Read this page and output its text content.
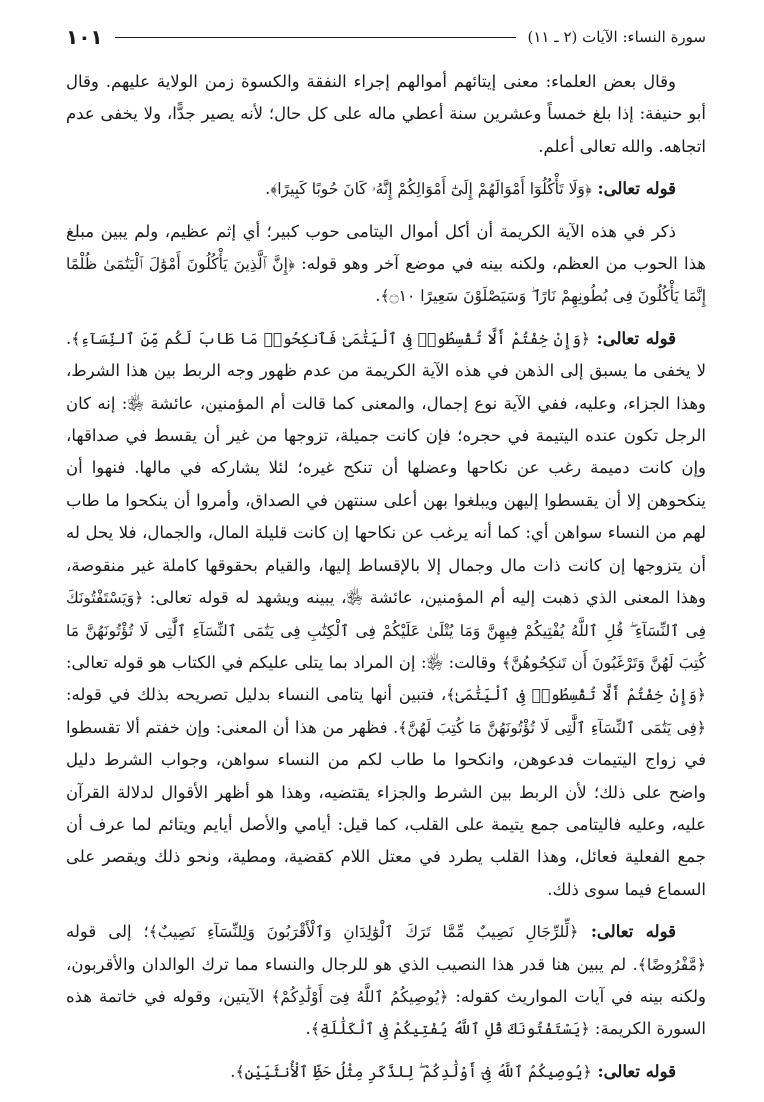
سورة النساء: الآيات (٢ ـ ١١)
١٠١

وقال بعض العلماء: معنى إيتائهم أموالهم إجراء النفقة والكسوة زمن الولاية عليهم. وقال أبو حنيفة: إذا بلغ خمساً وعشرين سنة أعطي ماله على كل حال؛ لأنه يصير جدًّا، ولا يخفى عدم اتجاهه. والله تعالى أعلم.

قوله تعالى: ﴿وَلَا تَأْكُلُوٓا أَمْوَالَهُمْ إِلَىٰٓ أَمْوَالِكُمْ إِنَّهُۥ كَانَ حُوبًا كَبِيرًا﴾.

ذكر في هذه الآية الكريمة أن أكل أموال اليتامى حوب كبير؛ أي إثم عظيم، ولم يبين مبلغ هذا الحوب من العظم، ولكنه بينه في موضع آخر وهو قوله: ﴿إِنَّ ٱلَّذِينَ يَأْكُلُونَ أَمْوَٰلَ ٱلْيَتَٰمَىٰ ظُلْمًا إِنَّمَا يَأْكُلُونَ فِى بُطُونِهِمْ نَارًا ۖ وَسَيَصْلَوْنَ سَعِيرًا ۝١٠﴾.

قوله تعالى: ﴿وَإِنْ خِفْتُمْ أَلَّا تُقْسِطُوا۟ فِى ٱلْيَتَٰمَىٰ فَٱنكِحُوا۟ مَا طَابَ لَكُم مِّنَ ٱلنِّسَآءِ﴾. لا يخفى ما يسبق إلى الذهن في هذه الآية الكريمة من عدم ظهور وجه الربط بين هذا الشرط، وهذا الجزاء، وعليه، ففي الآية نوع إجمال، والمعنى كما قالت أم المؤمنين، عائشة ﵂: إنه كان الرجل تكون عنده اليتيمة في حجره؛ فإن كانت جميلة، تزوجها من غير أن يقسط في صداقها، وإن كانت دميمة رغب عن نكاحها وعضلها أن تنكح غيره؛ لئلا يشاركه في مالها. فنهوا أن ينكحوهن إلا أن يقسطوا إليهن ويبلغوا بهن أعلى سنتهن في الصداق، وأمروا أن ينكحوا ما طاب لهم من النساء سواهن أي: كما أنه يرغب عن نكاحها إن كانت قليلة المال، والجمال، فلا يحل له أن يتزوجها إن كانت ذات مال وجمال إلا بالإقساط إليها، والقيام بحقوقها كاملة غير منقوصة، وهذا المعنى الذي ذهبت إليه أم المؤمنين، عائشة ﵂، يبينه ويشهد له قوله تعالى: ﴿وَيَسْتَفْتُونَكَ فِى ٱلنِّسَآءِ ۖ قُلِ ٱللَّهُ يُفْتِيكُمْ فِيهِنَّ وَمَا يُتْلَىٰ عَلَيْكُمْ فِى ٱلْكِتَٰبِ فِى يَتَٰمَى ٱلنِّسَآءِ ٱلَّٰتِى لَا تُؤْتُونَهُنَّ مَا كُتِبَ لَهُنَّ وَتَرْغَبُونَ أَن تَنكِحُوهُنَّ﴾ وقالت: ﵂: إن المراد بما يتلى عليكم في الكتاب هو قوله تعالى: ﴿وَإِنْ خِفْتُمْ أَلَّا تُقْسِطُوا۟ فِى ٱلْيَتَٰمَىٰ﴾، فتبين أنها يتامى النساء بدليل تصريحه بذلك في قوله: ﴿فِى يَتَٰمَى ٱلنِّسَآءِ ٱلَّٰتِى لَا تُؤْتُونَهُنَّ مَا كُتِبَ لَهُنَّ﴾. فظهر من هذا أن المعنى: وإن خفتم ألا تقسطوا في زواج اليتيمات فدعوهن، وانكحوا ما طاب لكم من النساء سواهن، وجواب الشرط دليل واضح على ذلك؛ لأن الربط بين الشرط والجزاء يقتضيه، وهذا هو أظهر الأقوال لدلالة القرآن عليه، وعليه فاليتامى جمع يتيمة على القلب، كما قيل: أيامي والأصل أيايم ويتائم لما عرف أن جمع الفعلية فعائل، وهذا القلب يطرد في معتل اللام كقضية، ومطية، ونحو ذلك ويقصر على السماع فيما سوى ذلك.

قوله تعالى: ﴿لِّلرِّجَالِ نَصِيبٌ مِّمَّا تَرَكَ ٱلْوَٰلِدَانِ وَٱلْأَقْرَبُونَ وَلِلنِّسَآءِ نَصِيبٌ﴾؛ إلى قوله ﴿مَّفْرُوضًا﴾. لم يبين هنا قدر هذا النصيب الذي هو للرجال والنساء مما ترك الوالدان والأقربون، ولكنه بينه في آيات المواريث كقوله: ﴿يُوصِيكُمُ ٱللَّهُ فِىٓ أَوْلَٰدِكُمْ﴾ الآيتين، وقوله في خاتمة هذه السورة الكريمة: ﴿يَسْتَفْتُونَكَ قُلِ ٱللَّهُ يُفْتِيكُمْ فِى ٱلْكَلَٰلَةِ﴾.

قوله تعالى: ﴿يُوصِيكُمُ ٱللَّهُ فِىٓ أَوْلَٰدِكُمْ ۖ لِلذَّكَرِ مِثْلُ حَظِّ ٱلْأُنثَيَيْنِ﴾.
